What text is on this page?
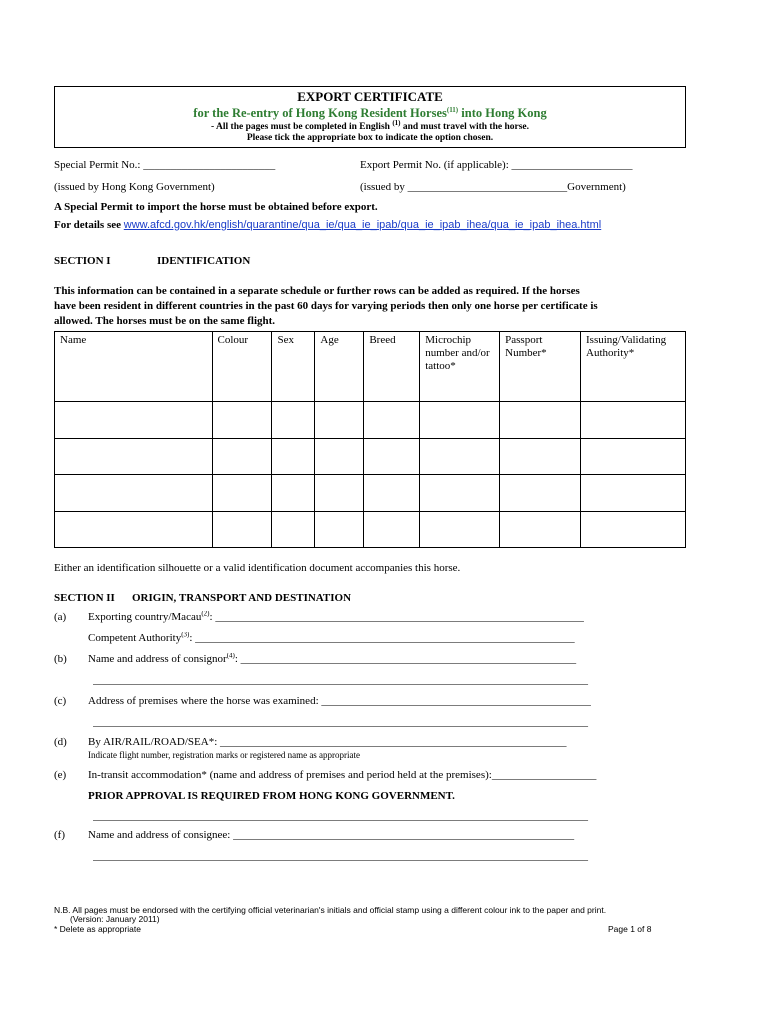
EXPORT CERTIFICATE
for the Re-entry of Hong Kong Resident Horses$^{(11)}$ into Hong Kong
- All the pages must be completed in English $^{(1)}$ and must travel with the horse.
Please tick the appropriate box to indicate the option chosen.
Special Permit No.: ________________________	Export Permit No. (if applicable): ______________________
(issued by Hong Kong Government)	(issued by _____________________________Government)
A Special Permit to import the horse must be obtained before export.
For details see www.afcd.gov.hk/english/quarantine/qua_ie/qua_ie_ipab/qua_ie_ipab_ihea/qua_ie_ipab_ihea.html
SECTION I	IDENTIFICATION
This information can be contained in a separate schedule or further rows can be added as required. If the horses
have been resident in different countries in the past 60 days for varying periods then only one horse per certificate is
allowed. The horses must be on the same flight.
Name	Colour	Sex	Age	Breed	Microchip number and/or tattoo*	Passport Number*	Issuing/Validating Authority*

Either an identification silhouette or a valid identification document accompanies this horse.
SECTION II ORIGIN, TRANSPORT AND DESTINATION
(a) Exporting country/Macau$^{(2)}$: ___________________________________________________________________
Competent Authority$^{(3)}$: _____________________________________________________________________
(b) Name and address of consignor$^{(4)}$: _____________________________________________________________
__________________________________________________________________________________________
(c) Address of premises where the horse was examined: _________________________________________________
__________________________________________________________________________________________
(d) By AIR/RAIL/ROAD/SEA*: _______________________________________________________________
Indicate flight number, registration marks or registered name as appropriate
(e) In-transit accommodation* (name and address of premises and period held at the premises):___________________
PRIOR APPROVAL IS REQUIRED FROM HONG KONG GOVERNMENT.
__________________________________________________________________________________________
(f) Name and address of consignee: ______________________________________________________________
__________________________________________________________________________________________
N.B. All pages must be endorsed with the certifying official veterinarian's initials and official stamp using a different colour ink to the paper and print.
(Version: January 2011)
* Delete as appropriate	Page 1 of 8
